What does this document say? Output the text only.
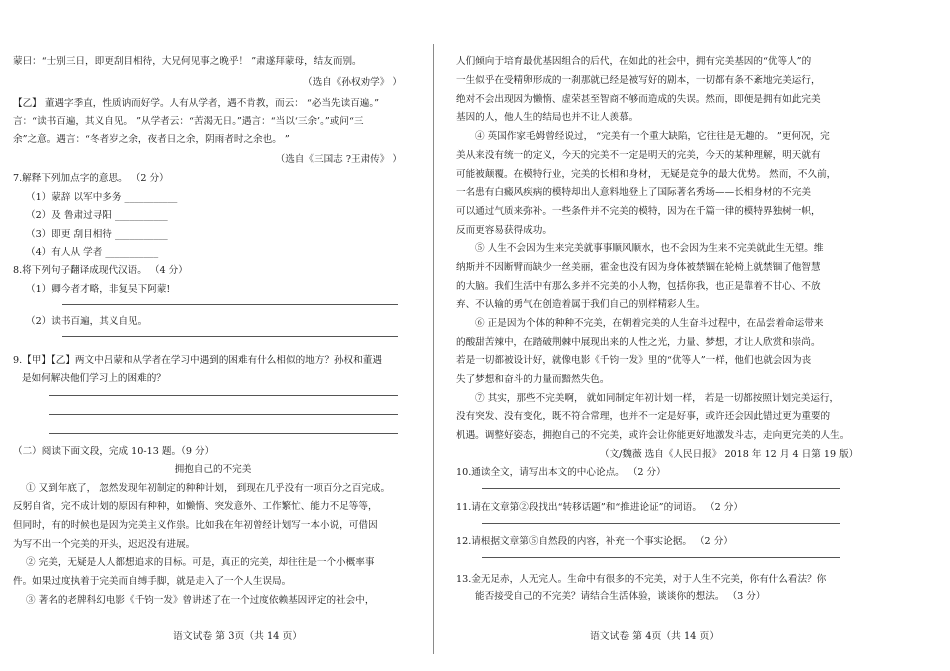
蒙曰：“士别三日，即更刮目相待，大兄何见事之晚乎！ ”肃遂拜蒙母，结友而别。
（选自《孙权劝学》 ）
【乙】 董遇字季直，性质讷而好学。人有从学者，遇不肯教，而云： “必当先读百遍。”
言：“读书百遍，其义自见。 ”从学者云：“苦渴无日。”遇言：“当以‘三余’。”或问“三
余”之意。遇言：“冬者岁之余，夜者日之余，阴雨者时之余也。 ”
（选自《三国志 ?王肃传》 ）
7.解释下列加点字的意思。 （2 分）
（1）蒙辞 以军中多务 ___________
（2）及 鲁肃过寻阳 ___________
（3）即更 刮目相待 ___________
（4）有人从 学者 ___________
8.将下列句子翻译成现代汉语。 （4 分）
（1）卿今者才略，非复吴下阿蒙!
（2）读书百遍，其义自见。
9.【甲】【乙】两文中吕蒙和从学者在学习中遇到的困难有什么相似的地方？孙权和董遇
是如何解决他们学习上的困难的？
（二）阅读下面文段，完成 10-13 题。（9 分）
拥抱自己的不完美
① 又到年底了， 忽然发现年初制定的种种计划， 到现在几乎没有一项百分之百完成。
反躬自省，完不成计划的原因有种种，如懒惰、突发意外、工作繁忙、能力不足等等，
但同时，有的时候也是因为完美主义作祟。比如我在年初曾经计划写一本小说，可借因
为写不出一个完美的开头，迟迟没有进展。
② 完美，无疑是人人都想追求的目标。可是，真正的完美，却往往是一个小概率事
件。如果过度执着于完美而自缚手脚，就是走入了一个人生误局。
③ 著名的老牌科幻电影《千钧一发》曾讲述了在一个过度依赖基因评定的社会中，
语文试卷 第 3页（共 14 页）
人们倾向于培育最优基因组合的后代，在如此的社会中，拥有完美基因的“优等人”的
一生似乎在受精卵形成的一刹那就已经是被写好的剧本，一切都有条不紊地完美运行，
绝对不会出现因为懒惰、虚荣甚至智商不够而造成的失误。然而，即便是拥有如此完美
基因的人，他人生的结局也并不让人羡慕。
④ 英国作家毛姆曾经说过， “完美有一个重大缺陷，它往往是无趣的。 ”更何况，完
美从来没有统一的定义，今天的完美不一定是明天的完美，今天的某种理解，明天就有
可能被颠覆。在模特行业，完美的长相和身材， 无疑是竞争的最大优势。 然而，不久前，
一名患有白癜风疾病的模特却出人意料地登上了国际著名秀场——长相身材的不完美
可以通过气质来弥补。一些条件并不完美的模特，因为在千篇一律的模特界独树一帜，
反而更容易获得成功。
⑤ 人生不会因为生来完美就事事顺风顺水，也不会因为生来不完美就此生无望。维
纳斯并不因断臂而缺少一丝美丽，霍金也没有因为身体被禁锢在轮椅上就禁锢了他智慧
的大脑。我们生活中有那么多并不完美的小人物，包括你我，也正是靠着不甘心、不放
弃、不认输的勇气在创造着属于我们自己的别样精彩人生。
⑥ 正是因为个体的种种不完美，在朝着完美的人生奋斗过程中，在品尝着命运带来
的酸甜苦辣中，在踏破荆棘中展现出来的人性之光，力量、梦想，才让人欣赏和崇尚。
若是一切都被设计好，就像电影《千钧一发》里的“优等人”一样，他们也就会因为丧
失了梦想和奋斗的力量而黯然失色。
⑦ 其实，那些不完美啊， 就如同制定年初计划一样， 若是一切都按照计划完美运行，
没有突发、没有变化，既不符合常理，也并不一定是好事，或许还会因此错过更为重要的
机遇。调整好姿态，拥抱自己的不完美，或许会让你能更好地激发斗志，走向更完美的人生。
（文/魏薇 选自《人民日报》 2018 年 12 月 4 日第 19 版）
10.通读全文，请写出本文的中心论点。 （2 分）
11.请在文章第②段找出“转移话题”和“推进论证”的词语。 （2 分）
12.请根据文章第⑤自然段的内容，补充一个事实论据。 （2 分）
13.金无足赤，人无完人。生命中有很多的不完美，对于人生不完美，你有什么看法？你
能否接受自己的不完美？请结合生活体验，谈谈你的想法。 （3 分）
语文试卷 第 4页（共 14 页）
